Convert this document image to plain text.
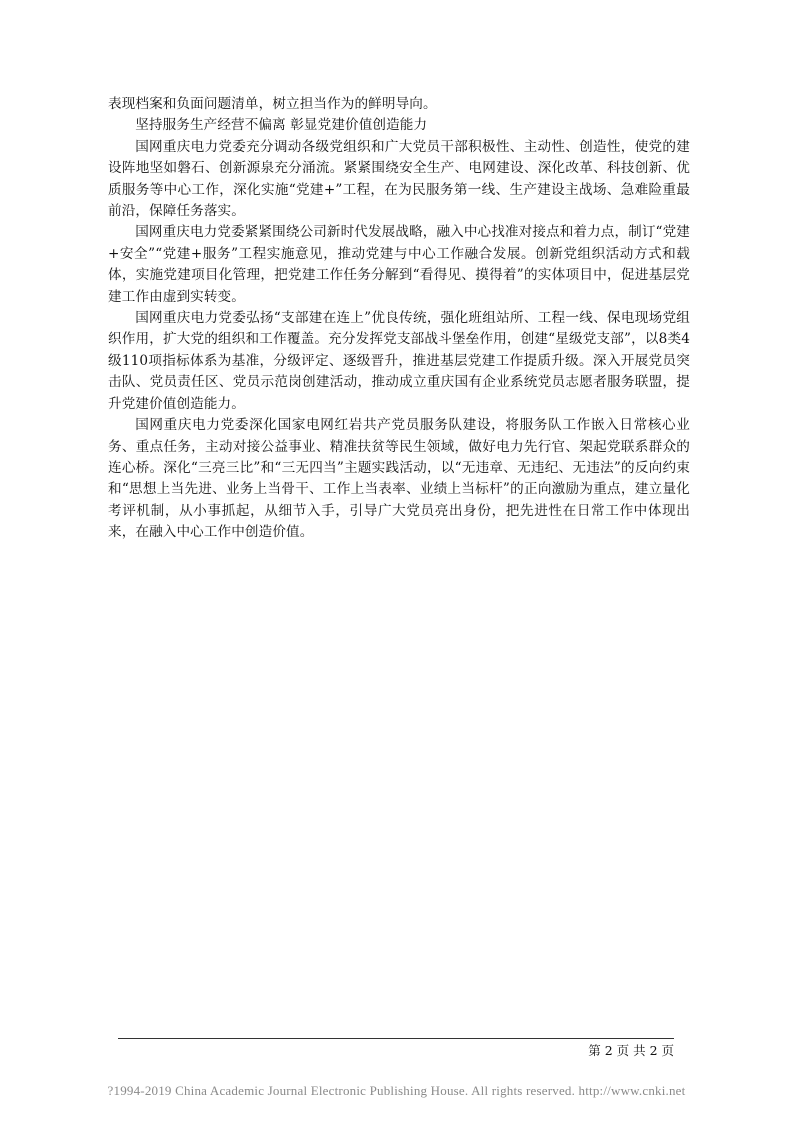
表现档案和负面问题清单，树立担当作为的鲜明导向。

坚持服务生产经营不偏离 彰显党建价值创造能力

国网重庆电力党委充分调动各级党组织和广大党员干部积极性、主动性、创造性，使党的建设阵地坚如磐石、创新源泉充分涌流。紧紧围绕安全生产、电网建设、深化改革、科技创新、优质服务等中心工作，深化实施“党建+”工程，在为民服务第一线、生产建设主战场、急难险重最前沿，保障任务落实。

国网重庆电力党委紧紧围绕公司新时代发展战略，融入中心找准对接点和着力点，制订“党建+安全”“党建+服务”工程实施意见，推动党建与中心工作融合发展。创新党组织活动方式和载体，实施党建项目化管理，把党建工作任务分解到“看得见、摸得着”的实体项目中，促进基层党建工作由虚到实转变。

国网重庆电力党委弘扬“支部建在连上”优良传统，强化班组站所、工程一线、保电现场党组织作用，扩大党的组织和工作覆盖。充分发挥党支部战斗堡垒作用，创建“星级党支部”，以8类4级110项指标体系为基准，分级评定、逐级晋升，推进基层党建工作提质升级。深入开展党员突击队、党员责任区、党员示范岗创建活动，推动成立重庆国有企业系统党员志愿者服务联盟，提升党建价值创造能力。

国网重庆电力党委深化国家电网红岩共产党员服务队建设，将服务队工作嵌入日常核心业务、重点任务，主动对接公益事业、精准扶贫等民生领域，做好电力先行官、架起党联系群众的连心桥。深化“三亮三比”和“三无四当”主题实践活动，以“无违章、无违纪、无违法”的反向约束和“思想上当先进、业务上当骨干、工作上当表率、业绩上当标杆”的正向激励为重点，建立量化考评机制，从小事抓起，从细节入手，引导广大党员亮出身份，把先进性在日常工作中体现出来，在融入中心工作中创造价值。

第 2 页 共 2 页
?1994-2019 China Academic Journal Electronic Publishing House. All rights reserved. http://www.cnki.net
